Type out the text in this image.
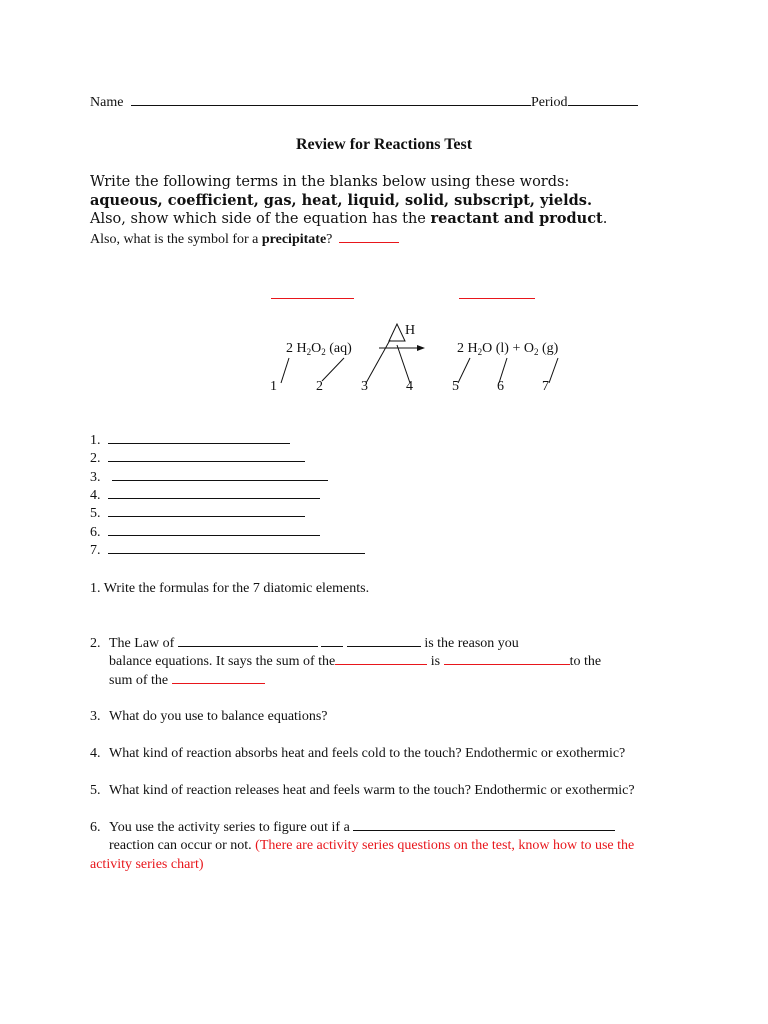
Name	Period
Review for Reactions Test
Write the following terms in the blanks below using these words:
aqueous, coefficient, gas, heat, liquid, solid, subscript, yields.
Also, show which side of the equation has the reactant and product.
Also, what is the symbol for a precipitate?
2 $H_2O_2$ (aq)
H
2 $H_2O$ $(l) + O_2$ (g)
1	2	3	4	5	6	7
1.
2.
3.
4.
5.
6.
7.
1. Write the formulas for the 7 diatomic elements.
2. The Law of	is the reason you
balance equations. It says the sum of the	is	to the
sum of the
3. What do you use to balance equations?
4. What kind of reaction absorbs heat and feels cold to the touch? Endothermic or exothermic?
5. What kind of reaction releases heat and feels warm to the touch? Endothermic or exothermic?
6. You use the activity series to figure out if a
reaction can occur or not. (There are activity series questions on the test, know how to use the
activity series chart)
